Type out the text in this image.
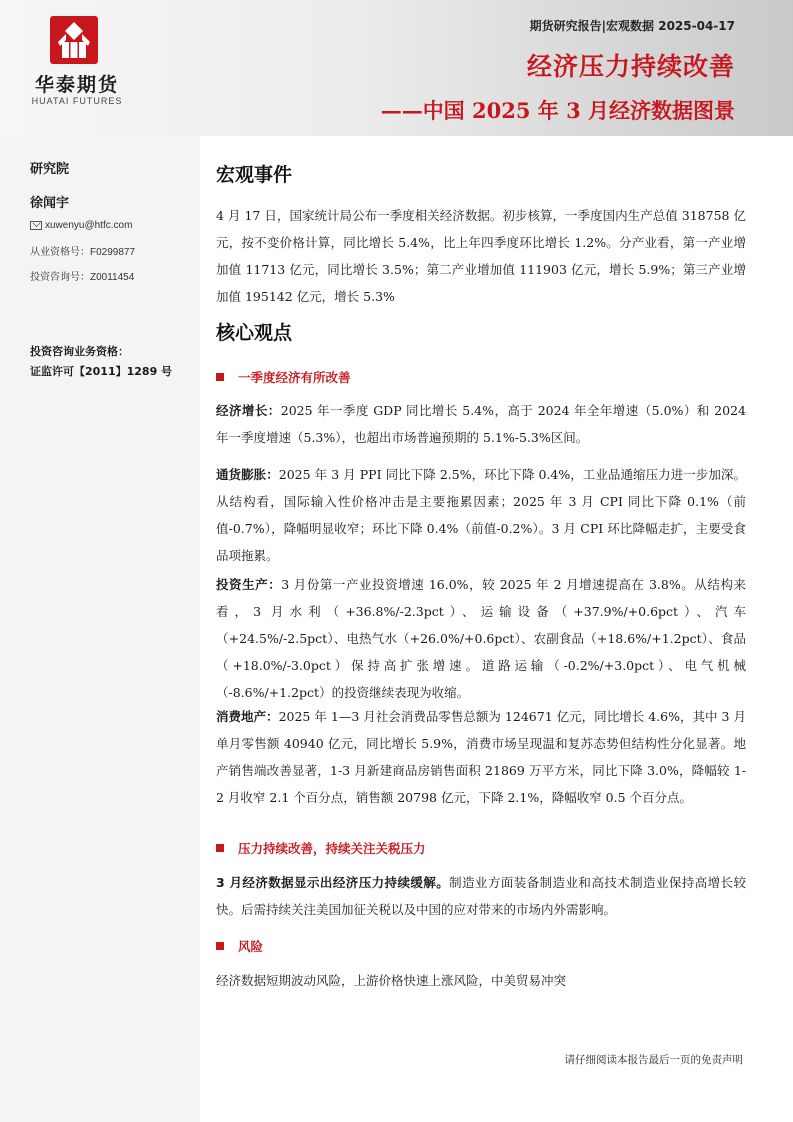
华泰期货
HUATAI FUTURES
期货研究报告|宏观数据 2025-04-17
经济压力持续改善
——中国 2025 年 3 月经济数据图景
研究院
徐闻宇
xuwenyu@htfc.com
从业资格号：F0299877
投资咨询号：Z0011454
投资咨询业务资格：
证监许可【2011】1289 号
宏观事件

4 月 17 日，国家统计局公布一季度相关经济数据。初步核算，一季度国内生产总值 318758 亿元，按不变价格计算，同比增长 5.4%，比上年四季度环比增长 1.2%。分产业看，第一产业增加值 11713 亿元，同比增长 3.5%；第二产业增加值 111903 亿元，增长 5.9%；第三产业增加值 195142 亿元，增长 5.3%

核心观点
一季度经济有所改善

经济增长：2025 年一季度 GDP 同比增长 5.4%，高于 2024 年全年增速（5.0%）和 2024 年一季度增速（5.3%），也超出市场普遍预期的 5.1%-5.3%区间。

通货膨胀：2025 年 3 月 PPI 同比下降 2.5%，环比下降 0.4%，工业品通缩压力进一步加深。从结构看，国际输入性价格冲击是主要拖累因素；2025 年 3 月 CPI 同比下降 0.1%（前值-0.7%），降幅明显收窄；环比下降 0.4%（前值-0.2%）。3 月 CPI 环比降幅走扩，主要受食品项拖累。

投资生产：3 月份第一产业投资增速 16.0%，较 2025 年 2 月增速提高在 3.8%。从结构来看，3 月水利（+36.8%/-2.3pct）、运输设备（+37.9%/+0.6pct）、汽车（+24.5%/-2.5pct）、电热气水（+26.0%/+0.6pct）、农副食品（+18.6%/+1.2pct）、食品（+18.0%/-3.0pct）保持高扩张增速。道路运输（-0.2%/+3.0pct）、电气机械（-8.6%/+1.2pct）的投资继续表现为收缩。

消费地产：2025 年 1—3 月社会消费品零售总额为 124671 亿元，同比增长 4.6%，其中 3 月单月零售额 40940 亿元，同比增长 5.9%，消费市场呈现温和复苏态势但结构性分化显著。地产销售端改善显著，1-3 月新建商品房销售面积 21869 万平方米，同比下降 3.0%，降幅较 1-2 月收窄 2.1 个百分点，销售额 20798 亿元，下降 2.1%，降幅收窄 0.5 个百分点。

压力持续改善，持续关注关税压力

3 月经济数据显示出经济压力持续缓解。制造业方面装备制造业和高技术制造业保持高增长较快。后需持续关注美国加征关税以及中国的应对带来的市场内外需影响。

风险

经济数据短期波动风险，上游价格快速上涨风险，中美贸易冲突

请仔细阅读本报告最后一页的免责声明
